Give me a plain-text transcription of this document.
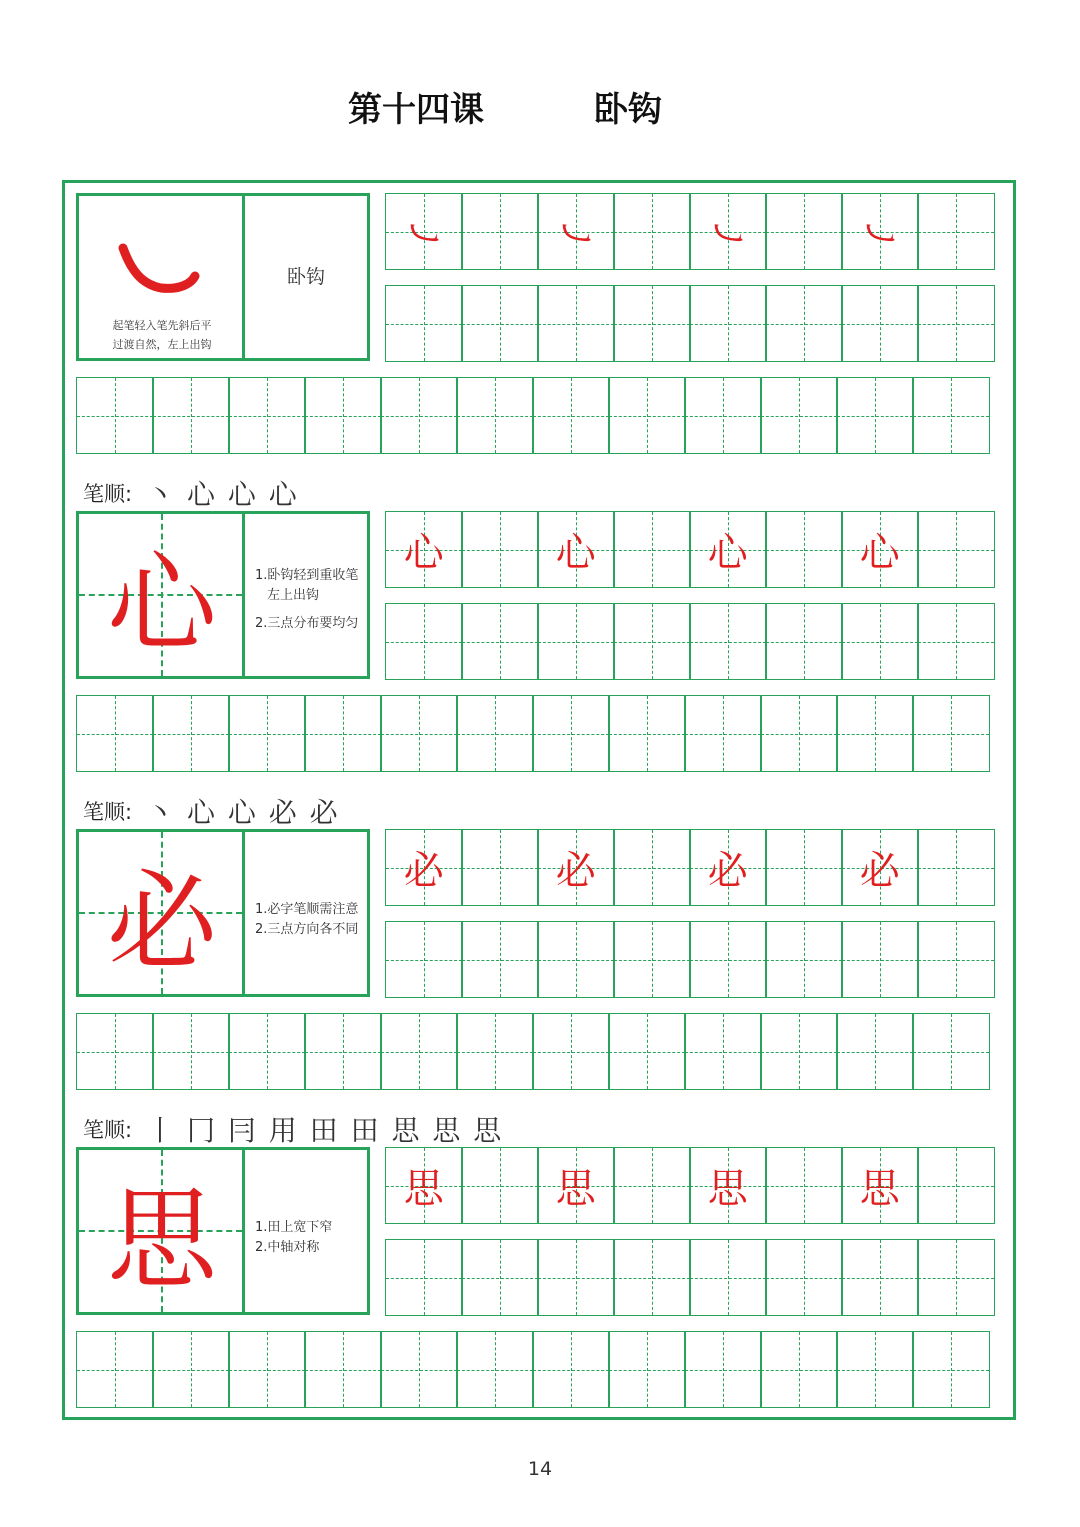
第十四课	卧钩
起笔轻入笔先斜后平
过渡自然，左上出钩
卧钩
㇃	㇃	㇃	㇃
笔顺: 丶 心 心 心
心	1.卧钩轻到重收笔
左上出钩
2.三点分布要均匀
心	心	心	心
笔顺: 丶 心 心 必 必
必	1.必字笔顺需注意
2.三点方向各不同
必	必	必	必
笔顺: 丨 冂 冃 用 田 田 思 思 思
思	1.田上宽下窄
2.中轴对称
思	思	思	思
14
